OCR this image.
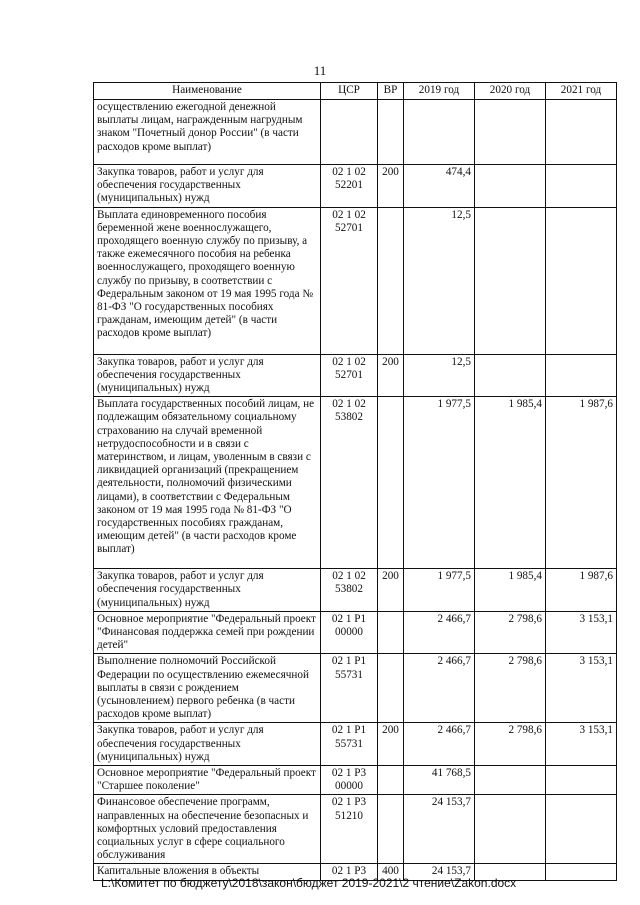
11
Наименование	ЦСР	ВР	2019 год	2020 год	2021 год
осуществлению ежегодной денежной выплаты лицам, награжденным нагрудным знаком "Почетный донор России" (в части расходов кроме выплат)					
Закупка товаров, работ и услуг для обеспечения государственных (муниципальных) нужд	02 1 02 52201	200	474,4		
Выплата единовременного пособия беременной жене военнослужащего, проходящего военную службу по призыву, а также ежемесячного пособия на ребенка военнослужащего, проходящего военную службу по призыву, в соответствии с Федеральным законом от 19 мая 1995 года № 81-ФЗ "О государственных пособиях гражданам, имеющим детей" (в части расходов кроме выплат)	02 1 02 52701		12,5		
Закупка товаров, работ и услуг для обеспечения государственных (муниципальных) нужд	02 1 02 52701	200	12,5		
Выплата государственных пособий лицам, не подлежащим обязательному социальному страхованию на случай временной нетрудоспособности и в связи с материнством, и лицам, уволенным в связи с ликвидацией организаций (прекращением деятельности, полномочий физическими лицами), в соответствии с Федеральным законом от 19 мая 1995 года № 81-ФЗ "О государственных пособиях гражданам, имеющим детей" (в части расходов кроме выплат)	02 1 02 53802		1 977,5	1 985,4	1 987,6
Закупка товаров, работ и услуг для обеспечения государственных (муниципальных) нужд	02 1 02 53802	200	1 977,5	1 985,4	1 987,6
Основное мероприятие "Федеральный проект "Финансовая поддержка семей при рождении детей"	02 1 P1 00000		2 466,7	2 798,6	3 153,1
Выполнение полномочий Российской Федерации по осуществлению ежемесячной выплаты в связи с рождением (усыновлением) первого ребенка (в части расходов кроме выплат)	02 1 P1 55731		2 466,7	2 798,6	3 153,1
Закупка товаров, работ и услуг для обеспечения государственных (муниципальных) нужд	02 1 P1 55731	200	2 466,7	2 798,6	3 153,1
Основное мероприятие "Федеральный проект "Старшее поколение"	02 1 P3 00000		41 768,5		
Финансовое обеспечение программ, направленных на обеспечение безопасных и комфортных условий предоставления социальных услуг в сфере социального обслуживания	02 1 P3 51210		24 153,7		
Капитальные вложения в объекты	02 1 P3	400	24 153,7		
L:\Комитет по бюджету\2018\закон\бюджет 2019-2021\2 чтение\Zakon.docx
